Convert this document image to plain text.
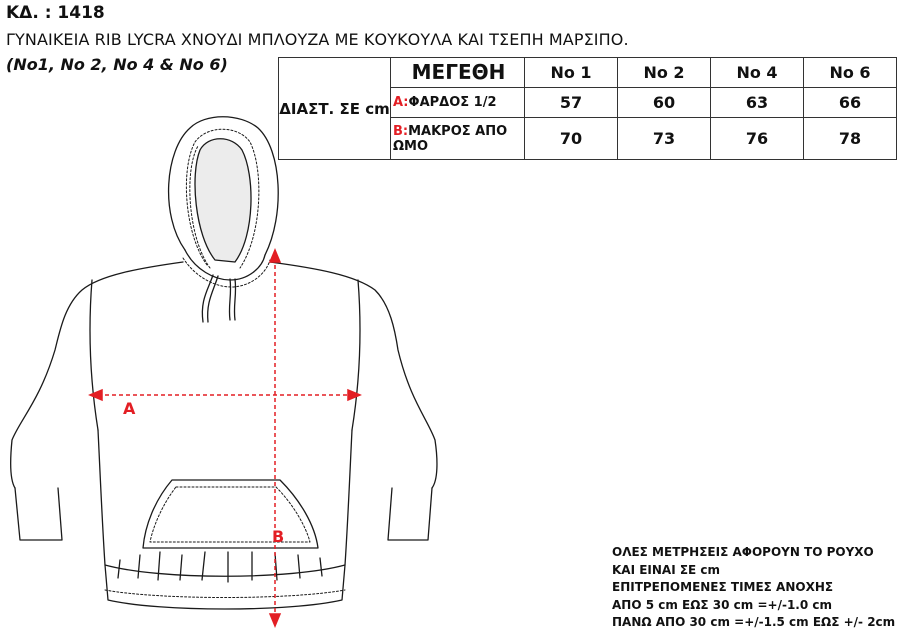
ΚΔ. : 1418
ΓΥΝΑΙΚΕΙΑ RIB LYCRA ΧΝΟΥΔΙ ΜΠΛΟΥΖΑ ΜΕ ΚΟΥΚΟΥΛΑ ΚΑΙ ΤΣΕΠΗ ΜΑΡΣΙΠΟ.
(No1, No 2, No 4 & No 6)
ΔΙΑΣΤ. ΣΕ cm	ΜΕΓΕΘΗ	No 1	No 2	No 4	No 6
	A:ΦΑΡΔΟΣ 1/2	57	60	63	66
	B:ΜΑΚΡΟΣ ΑΠΟ ΩΜΟ	70	73	76	78
A
B
ΟΛΕΣ ΜΕΤΡΗΣΕΙΣ ΑΦΟΡΟΥΝ ΤΟ ΡΟΥΧΟ
ΚΑΙ ΕΙΝΑΙ ΣΕ cm
ΕΠΙΤΡΕΠΟΜΕΝΕΣ ΤΙΜΕΣ ΑΝΟΧΗΣ
ΑΠΟ 5 cm ΕΩΣ 30 cm =+/-1.0 cm
ΠΑΝΩ ΑΠΟ 30 cm =+/-1.5 cm ΕΩΣ +/- 2cm
